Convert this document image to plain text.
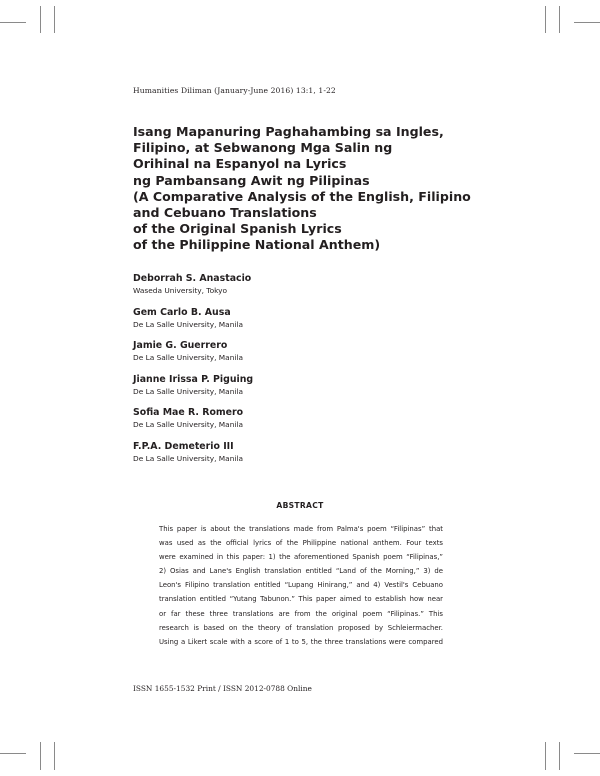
Humanities Diliman (January-June 2016) 13:1, 1-22
Isang Mapanuring Paghahambing sa Ingles,
Filipino, at Sebwanong Mga Salin ng
Orihinal na Espanyol na Lyrics
ng Pambansang Awit ng Pilipinas
(A Comparative Analysis of the English, Filipino
and Cebuano Translations
of the Original Spanish Lyrics
of the Philippine National Anthem)
Deborrah S. Anastacio
Waseda University, Tokyo
Gem Carlo B. Ausa
De La Salle University, Manila
Jamie G. Guerrero
De La Salle University, Manila
Jianne Irissa P. Piguing
De La Salle University, Manila
Sofia Mae R. Romero
De La Salle University, Manila
F.P.A. Demeterio III
De La Salle University, Manila
ABSTRACT
This paper is about the translations made from Palma's poem “Filipinas” that
was used as the official lyrics of the Philippine national anthem. Four texts
were examined in this paper: 1) the aforementioned Spanish poem “Filipinas,”
2) Osias and Lane's English translation entitled “Land of the Morning,” 3) de
Leon's Filipino translation entitled “Lupang Hinirang,” and 4) Vestil's Cebuano
translation entitled “Yutang Tabunon.” This paper aimed to establish how near
or far these three translations are from the original poem “Filipinas.” This
research is based on the theory of translation proposed by Schleiermacher.
Using a Likert scale with a score of 1 to 5, the three translations were compared
ISSN 1655-1532 Print / ISSN 2012-0788 Online
